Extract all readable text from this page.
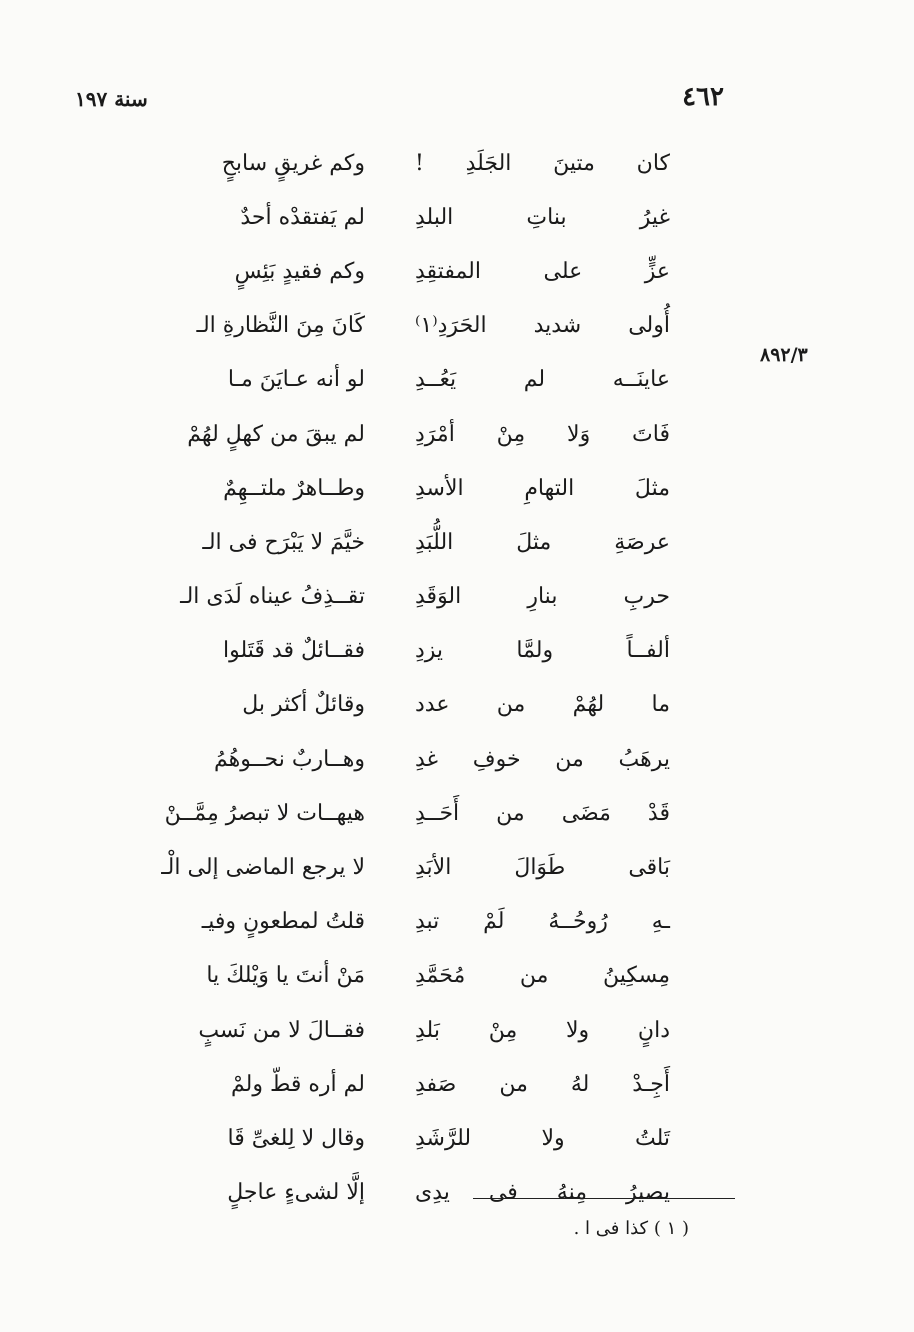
٤٦٢
سنة ١٩٧
٨٩٢/٣
وكم غريقٍ سابحٍ كان متينَ الجَلَدِ !
لم يَفتقدْه أحدٌ غيرُ بناتِ البلدِ
وكم فقيدٍ بَئِسٍ عزٍّ على المفتقِدِ
كَانَ مِنَ النَّظارةِ الـ أُولى شديد الحَرَدِ⁽١⁾
لو أنه عـايَنَ مـا عاينَــه لم يَعُــدِ
لم يبقَ من كهلٍ لهُمْ فَاتَ وَلا مِنْ أمْرَدِ
وطــاهرٌ ملتــهِمٌ مثلَ التهامِ الأسدِ
خيَّمَ لا يَبْرَح فى الـ عرصَةِ مثلَ اللُّبَدِ
تقــذِفُ عيناه لَدَى الـ حربِ بنارِ الوَقَدِ
فقــائلٌ قد قَتَلوا ألفــاً ولمَّا يزدِ
وقائلٌ أكثر بل ما لهُمْ من عدد
وهــاربٌ نحــوهُمُ يرهَبُ من خوفِ غدِ
هيهــات لا تبصرُ مِمَّــنْ قَدْ مَضَى من أَحَــدِ
لا يرجع الماضى إلى الْـ بَاقى طَوَالَ الأبَدِ
قلتُ لمطعونٍ وفيـ ـهِ رُوحُــهُ لَمْ تبدِ
مَنْ أنتَ يا وَيْلكَ يا مِسكِينُ من مُحَمَّدِ
فقــالَ لا من نَسبٍ دانٍ ولا مِنْ بَلدِ
لم أره قطّ ولمْ أَجِـدْ لهُ من صَفدِ
وقال لا لِلغىِّ قَا تَلتُ ولا للرَّشَدِ
إلَّا لشىءٍ عاجلٍ يصيرُ مِنهُ فى يدِى
( ١ ) كذا فى ا .
